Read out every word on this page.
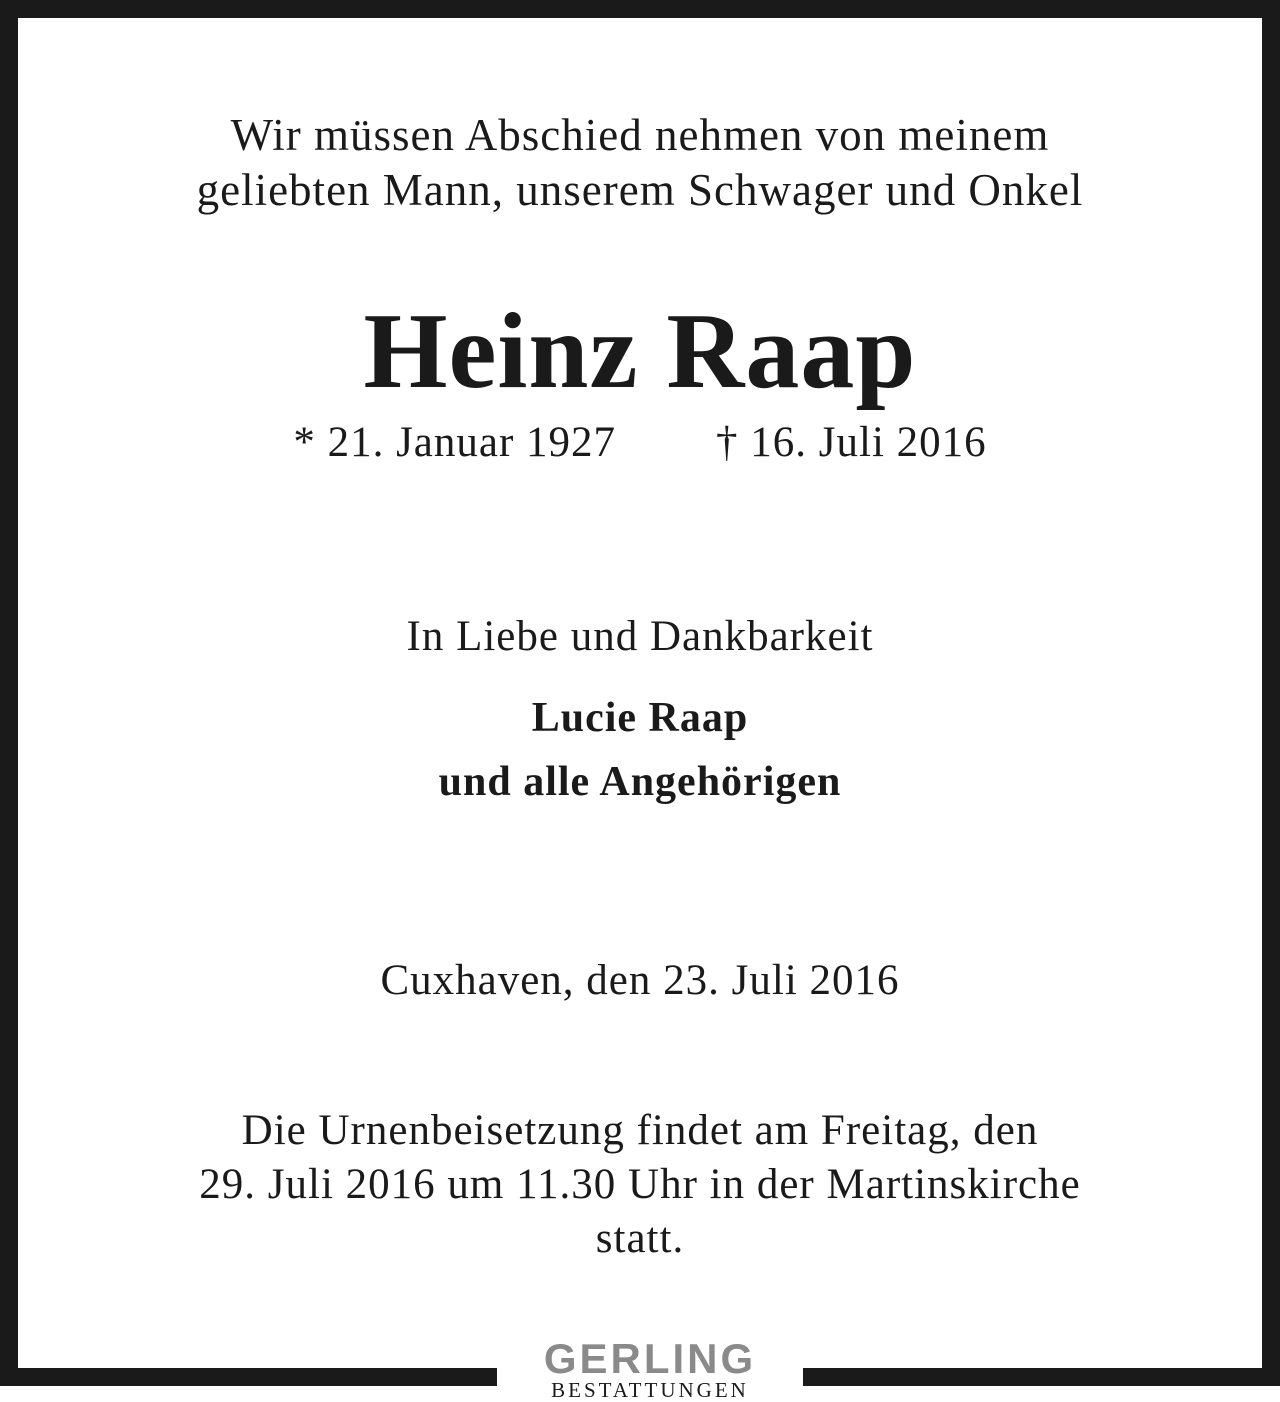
Wir müssen Abschied nehmen von meinem
geliebten Mann, unserem Schwager und Onkel
Heinz Raap
* 21. Januar 1927 † 16. Juli 2016
In Liebe und Dankbarkeit
Lucie Raap
und alle Angehörigen
Cuxhaven, den 23. Juli 2016
Die Urnenbeisetzung findet am Freitag, den
29. Juli 2016 um 11.30 Uhr in der Martinskirche
statt.
GERLING
BESTATTUNGEN
